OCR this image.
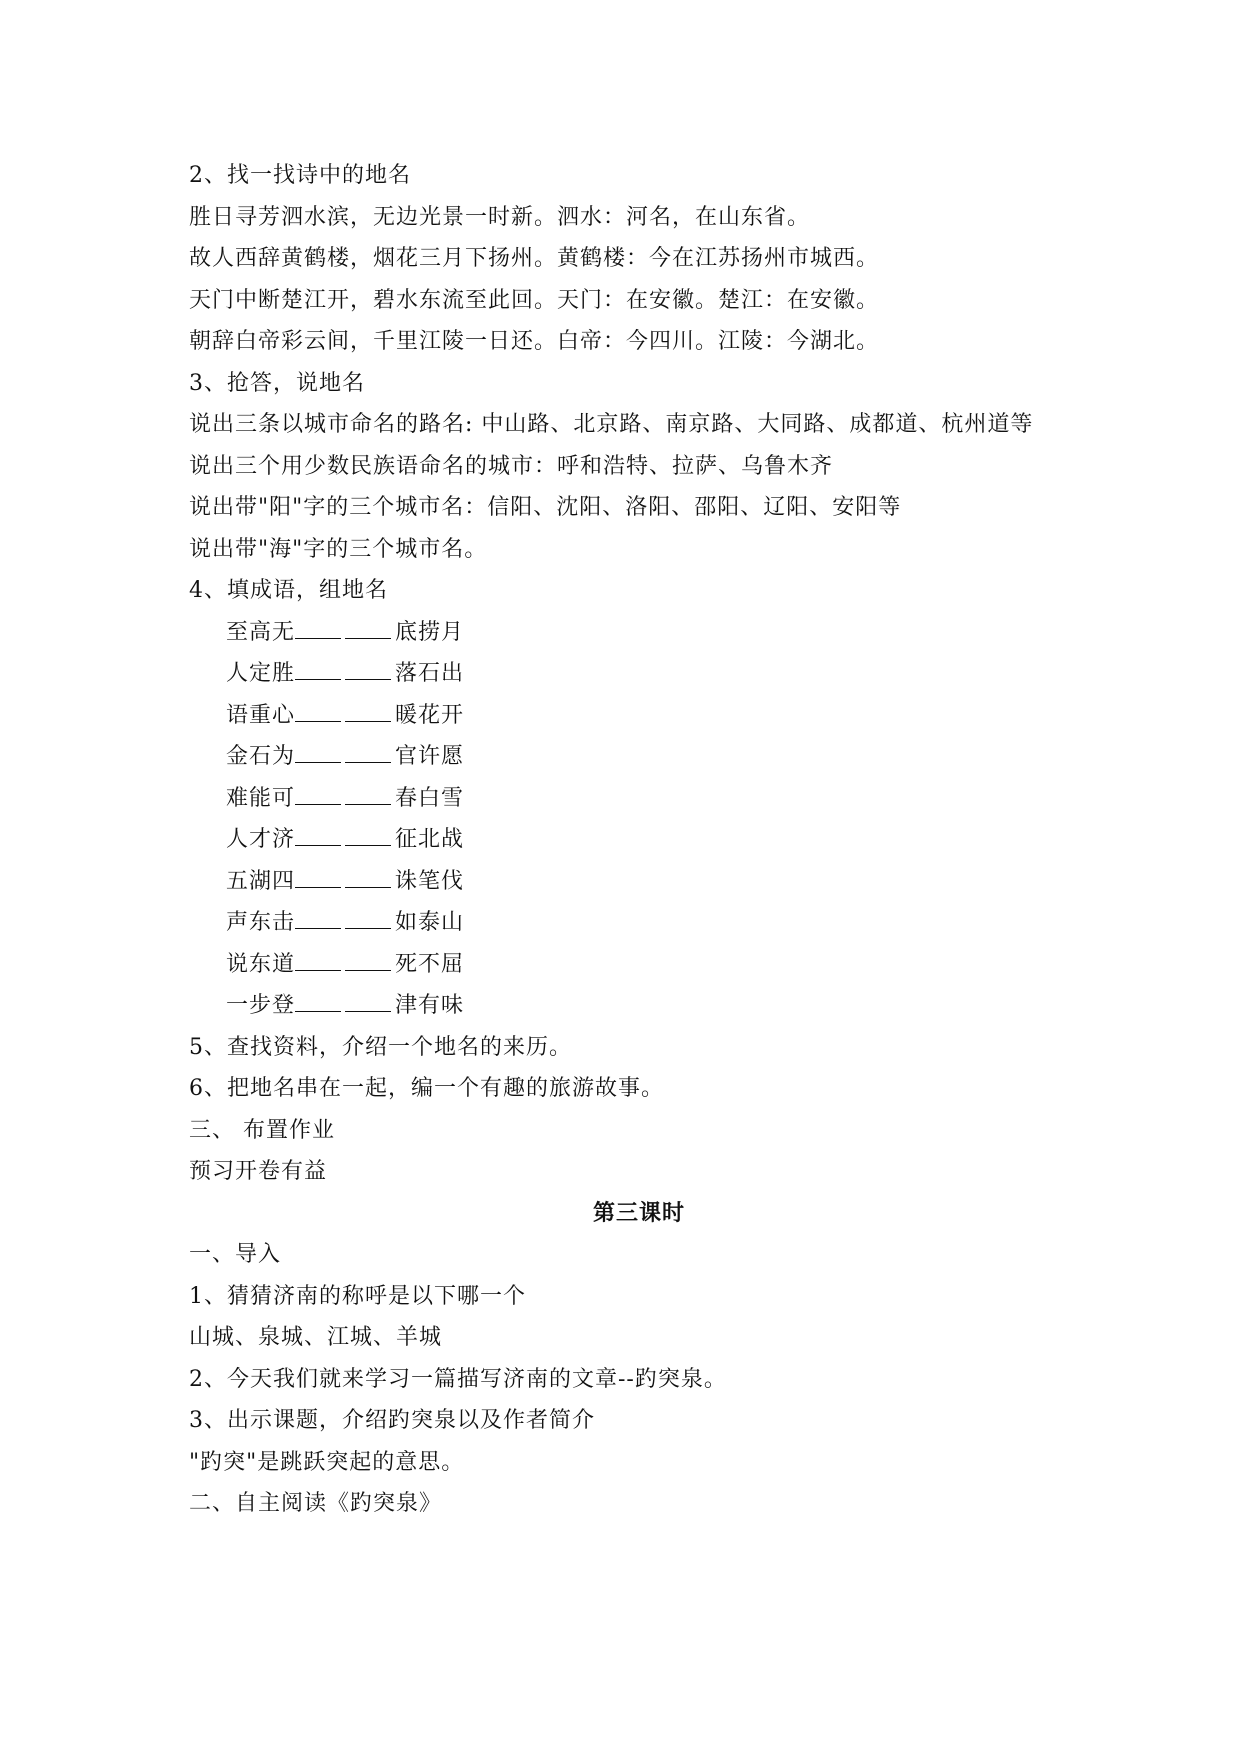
2、找一找诗中的地名
胜日寻芳泗水滨，无边光景一时新。泗水：河名，在山东省。
故人西辞黄鹤楼，烟花三月下扬州。黄鹤楼：今在江苏扬州市城西。
天门中断楚江开，碧水东流至此回。天门：在安徽。楚江：在安徽。
朝辞白帝彩云间，千里江陵一日还。白帝：今四川。江陵：今湖北。
3、抢答，说地名
说出三条以城市命名的路名: 中山路、北京路、南京路、大同路、成都道、杭州道等
说出三个用少数民族语命名的城市：呼和浩特、拉萨、乌鲁木齐
说出带"阳"字的三个城市名：信阳、沈阳、洛阳、邵阳、辽阳、安阳等
说出带"海"字的三个城市名。
4、填成语，组地名
至高无	底捞月
人定胜	落石出
语重心	暖花开
金石为	官许愿
难能可	春白雪
人才济	征北战
五湖四	诛笔伐
声东击	如泰山
说东道	死不屈
一步登	津有味
5、查找资料，介绍一个地名的来历。
6、把地名串在一起，编一个有趣的旅游故事。
三、 布置作业
预习开卷有益
第三课时
一、导入
1、猜猜济南的称呼是以下哪一个
山城、泉城、江城、羊城
2、今天我们就来学习一篇描写济南的文章--趵突泉。
3、出示课题，介绍趵突泉以及作者简介
"趵突"是跳跃突起的意思。
二、自主阅读《趵突泉》
